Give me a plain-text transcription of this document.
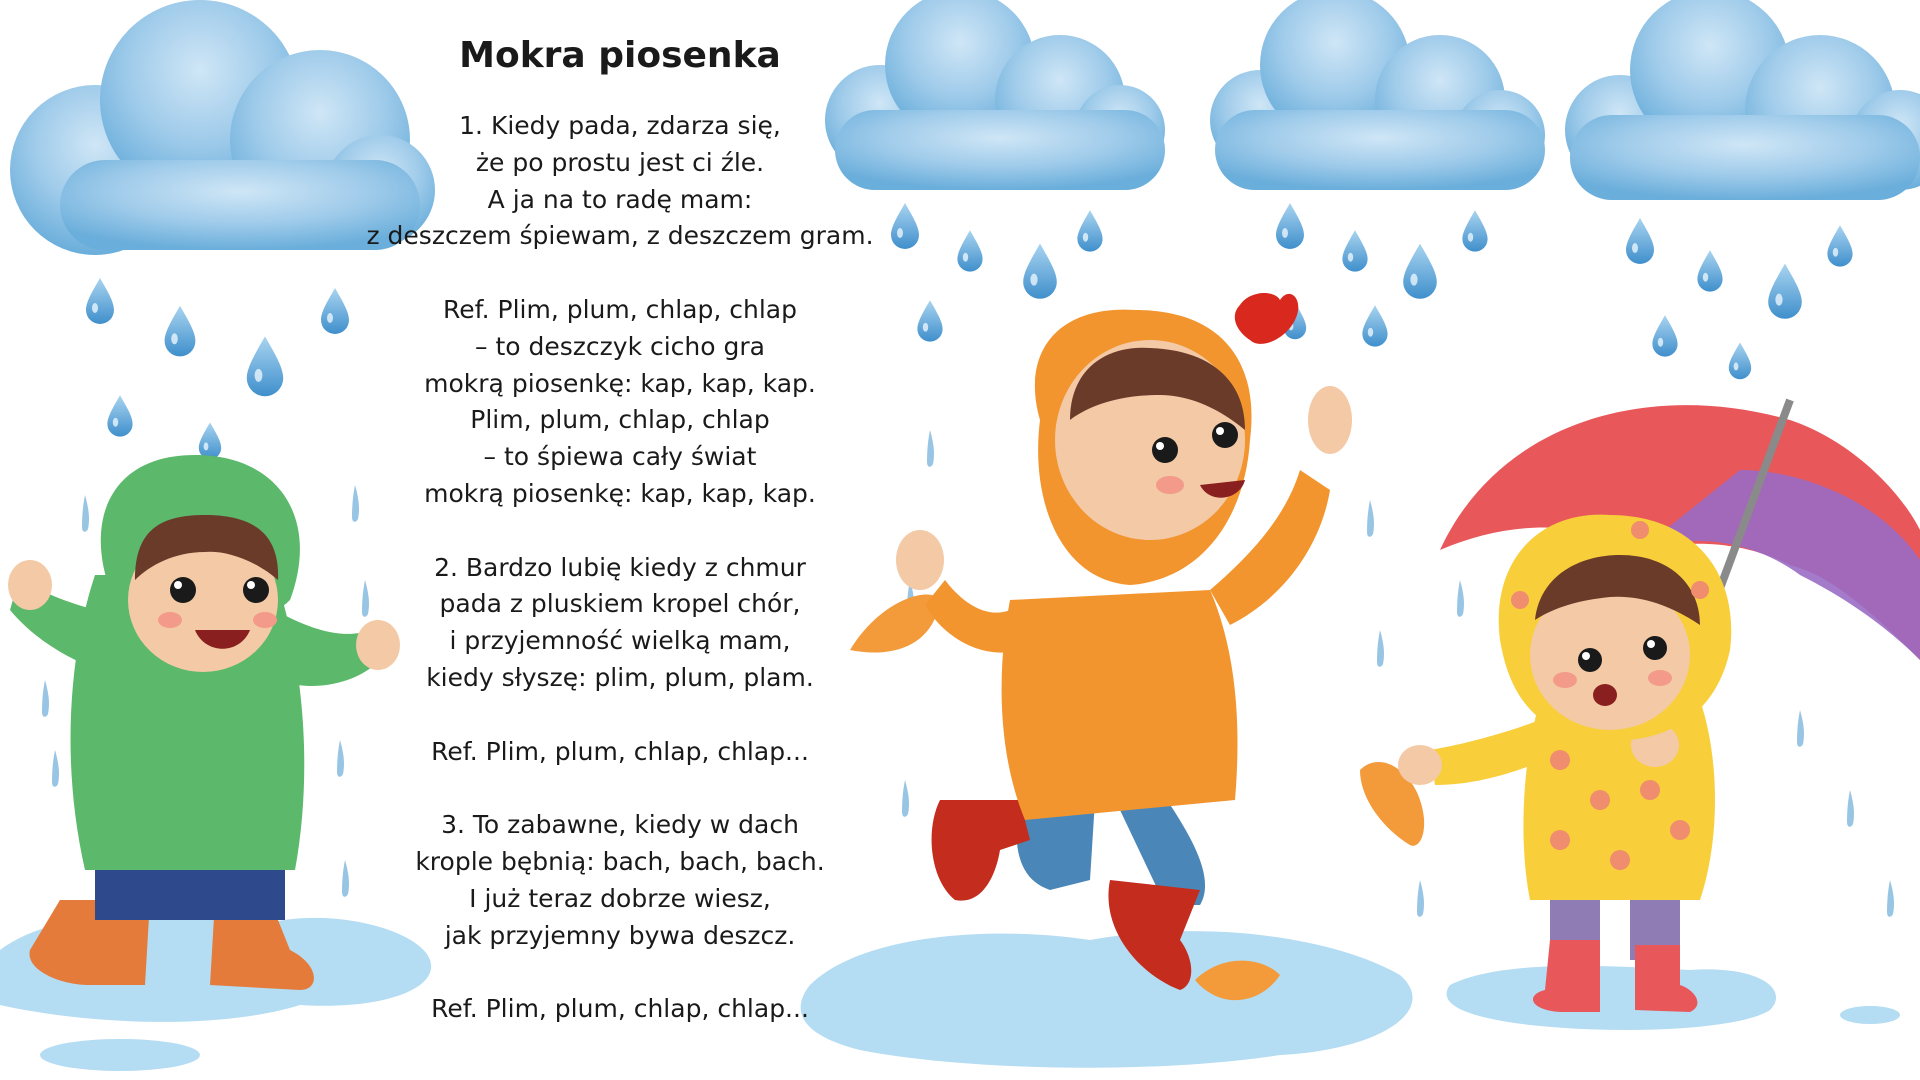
Mokra piosenka
1. Kiedy pada, zdarza się,
że po prostu jest ci źle.
A ja na to radę mam:
z deszczem śpiewam, z deszczem gram.
Ref. Plim, plum, chlap, chlap
– to deszczyk cicho gra
mokrą piosenkę: kap, kap, kap.
Plim, plum, chlap, chlap
– to śpiewa cały świat
mokrą piosenkę: kap, kap, kap.
2. Bardzo lubię kiedy z chmur
pada z pluskiem kropel chór,
i przyjemność wielką mam,
kiedy słyszę: plim, plum, plam.
Ref. Plim, plum, chlap, chlap...
3. To zabawne, kiedy w dach
krople bębnią: bach, bach, bach.
I już teraz dobrze wiesz,
jak przyjemny bywa deszcz.
Ref. Plim, plum, chlap, chlap...
